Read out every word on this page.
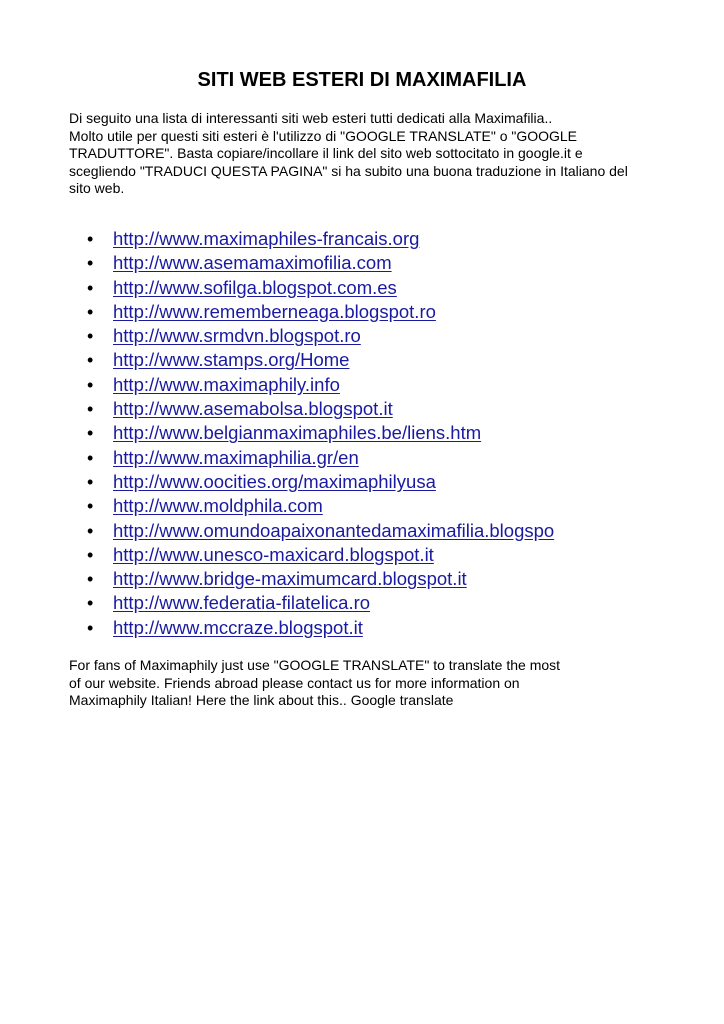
SITI WEB ESTERI DI MAXIMAFILIA
Di seguito una lista di interessanti siti web esteri tutti dedicati alla Maximafilia..
Molto utile per questi siti esteri è l'utilizzo di "GOOGLE TRANSLATE" o "GOOGLE
TRADUTTORE". Basta copiare/incollare il link del sito web sottocitato in google.it e
scegliendo "TRADUCI QUESTA PAGINA" si ha subito una buona traduzione in Italiano del
sito web.
• http://www.maximaphiles-francais.org
• http://www.asemamaximofilia.com
• http://www.sofilga.blogspot.com.es
• http://www.rememberneaga.blogspot.ro
• http://www.srmdvn.blogspot.ro
• http://www.stamps.org/Home
• http://www.maximaphily.info
• http://www.asemabolsa.blogspot.it
• http://www.belgianmaximaphiles.be/liens.htm
• http://www.maximaphilia.gr/en
• http://www.oocities.org/maximaphilyusa
• http://www.moldphila.com
• http://www.omundoapaixonantedamaximafilia.blogspo
• http://www.unesco-maxicard.blogspot.it
• http://www.bridge-maximumcard.blogspot.it
• http://www.federatia-filatelica.ro
• http://www.mccraze.blogspot.it
For fans of Maximaphily just use "GOOGLE TRANSLATE" to translate the most
of our website. Friends abroad please contact us for more information on
Maximaphily Italian! Here the link about this.. Google translate
